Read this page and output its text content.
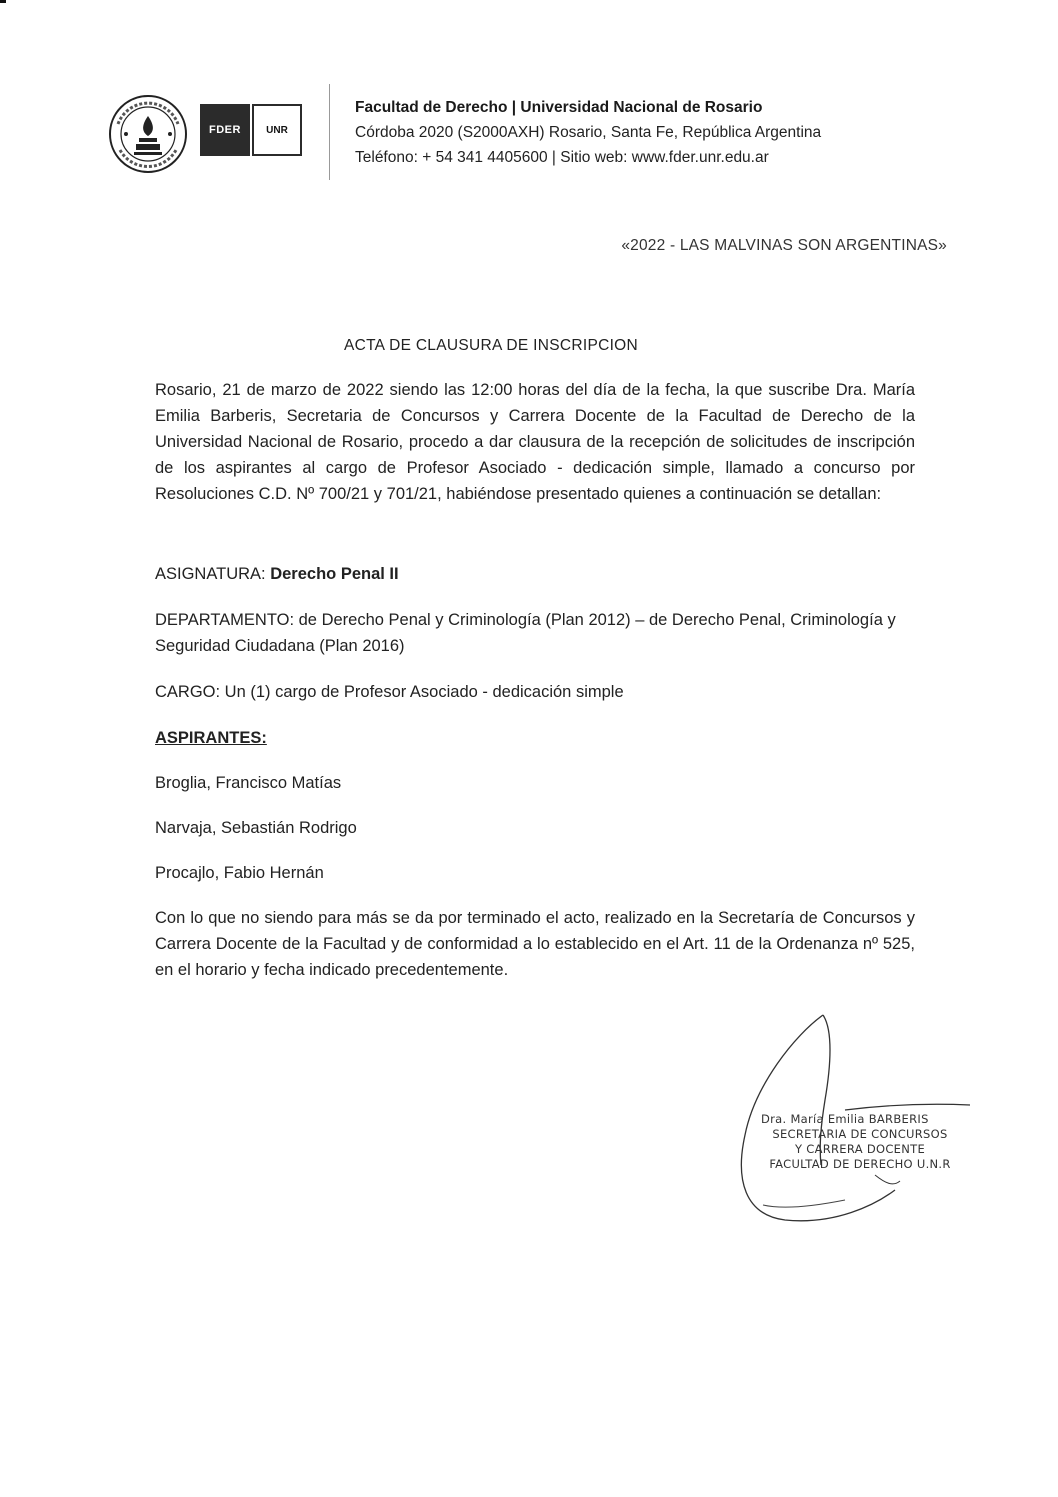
FDER	UNR
Facultad de Derecho | Universidad Nacional de Rosario
Córdoba 2020 (S2000AXH) Rosario, Santa Fe, República Argentina
Teléfono: + 54 341 4405600 | Sitio web: www.fder.unr.edu.ar
«2022 - LAS MALVINAS SON ARGENTINAS»
ACTA DE CLAUSURA DE INSCRIPCION
Rosario, 21 de marzo de 2022 siendo las 12:00 horas del día de la fecha, la que suscribe Dra. María Emilia Barberis, Secretaria de Concursos y Carrera Docente de la Facultad de Derecho de la Universidad Nacional de Rosario, procedo a dar clausura de la recepción de solicitudes de inscripción de los aspirantes al cargo de Profesor Asociado - dedicación simple, llamado a concurso por Resoluciones C.D. Nº 700/21 y 701/21, habiéndose presentado quienes a continuación se detallan:
ASIGNATURA: Derecho Penal II
DEPARTAMENTO: de Derecho Penal y Criminología (Plan 2012) – de Derecho Penal, Criminología y Seguridad Ciudadana (Plan 2016)
CARGO: Un (1) cargo de Profesor Asociado - dedicación simple
ASPIRANTES:
Broglia, Francisco Matías
Narvaja, Sebastián Rodrigo
Procajlo, Fabio Hernán
Con lo que no siendo para más se da por terminado el acto, realizado en la Secretaría de Concursos y Carrera Docente de la Facultad y de conformidad a lo establecido en el Art. 11 de la Ordenanza nº 525, en el horario y fecha indicado precedentemente.
Dra. María Emilia BARBERIS
SECRETARIA DE CONCURSOS
Y CARRERA DOCENTE
FACULTAD DE DERECHO U.N.R
